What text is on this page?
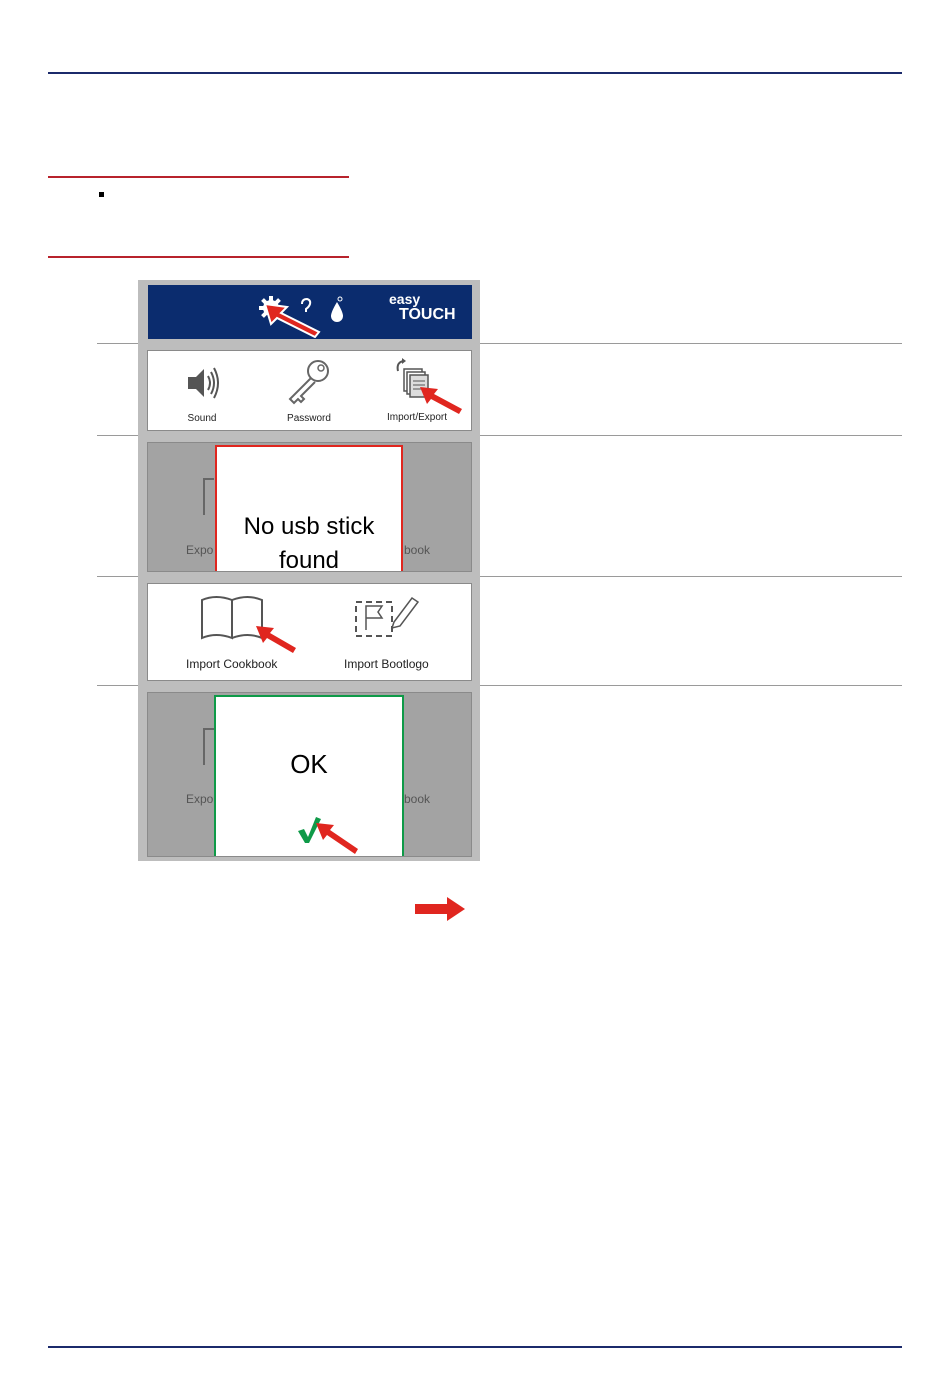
easy
TOUCH
Sound	Password	Import/Export
Expo	book
No usb stick
found
Import Cookbook	Import Bootlogo
Expo	book
OK
